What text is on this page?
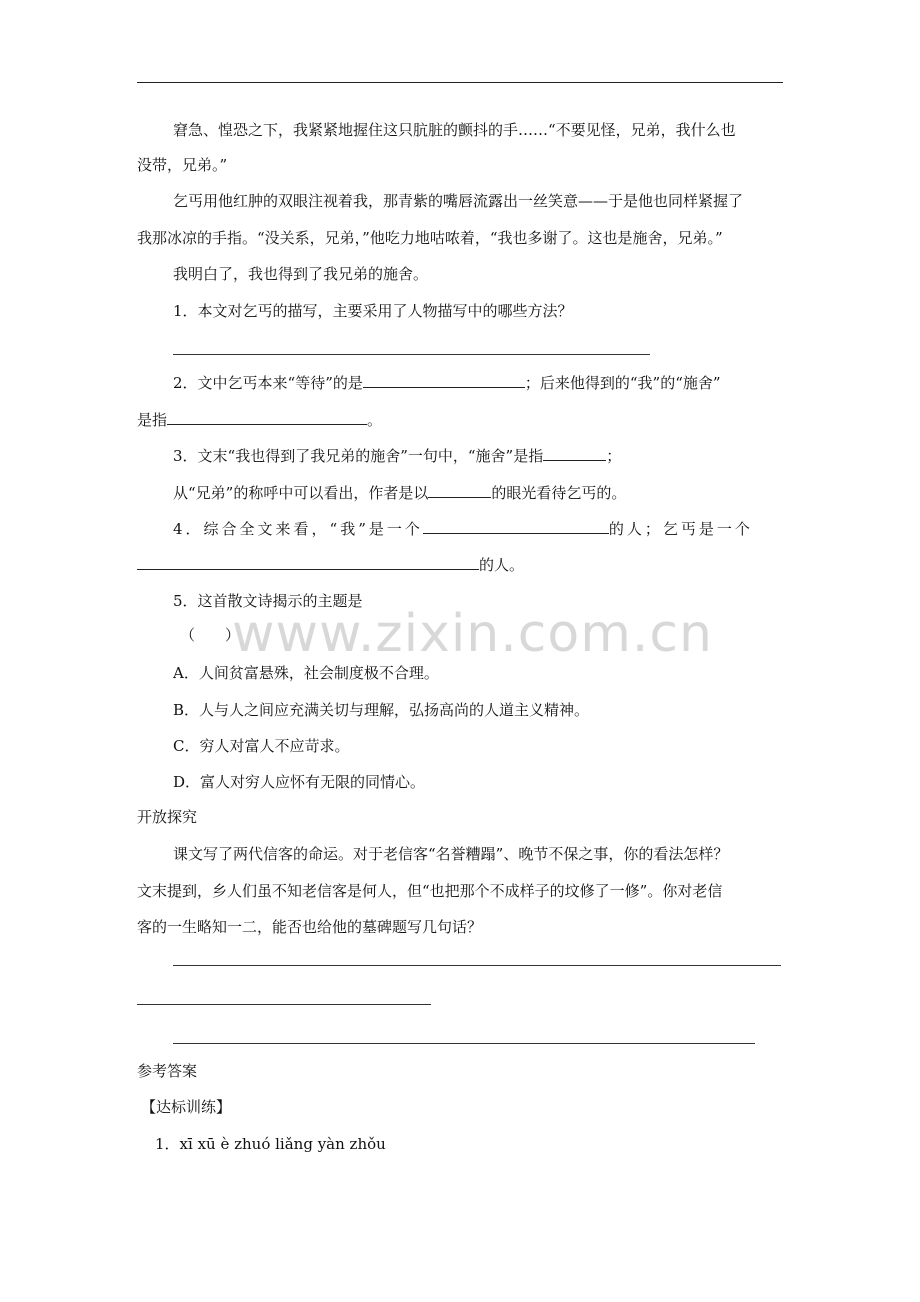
窘急、惶恐之下，我紧紧地握住这只肮脏的颤抖的手……“不要见怪，兄弟，我什么也
没带，兄弟。”
乞丐用他红肿的双眼注视着我，那青紫的嘴唇流露出一丝笑意——于是他也同样紧握了
我那冰凉的手指。“没关系，兄弟，”他吃力地咕哝着，“我也多谢了。这也是施舍，兄弟。”
我明白了，我也得到了我兄弟的施舍。
1．本文对乞丐的描写，主要采用了人物描写中的哪些方法？
2．文中乞丐本来“等待”的是	；后来他得到的“我”的“施舍”
是指	。
3．文末“我也得到了我兄弟的施舍”一句中，“施舍”是指	；
从“兄弟”的称呼中可以看出，作者是以	的眼光看待乞丐的。
4．综合全文来看，“我”是一个	的人；乞丐是一个
的人。
5．这首散文诗揭示的主题是
（　　）
www.zixin.com.cn
A．人间贫富悬殊，社会制度极不合理。
B．人与人之间应充满关切与理解，弘扬高尚的人道主义精神。
C．穷人对富人不应苛求。
D．富人对穷人应怀有无限的同情心。
开放探究
课文写了两代信客的命运。对于老信客“名誉糟蹋”、晚节不保之事，你的看法怎样？
文末提到，乡人们虽不知老信客是何人，但“也把那个不成样子的坟修了一修”。你对老信
客的一生略知一二，能否也给他的墓碑题写几句话？
参考答案
【达标训练】
1．xī xū è zhuó liǎng yàn zhǒu
